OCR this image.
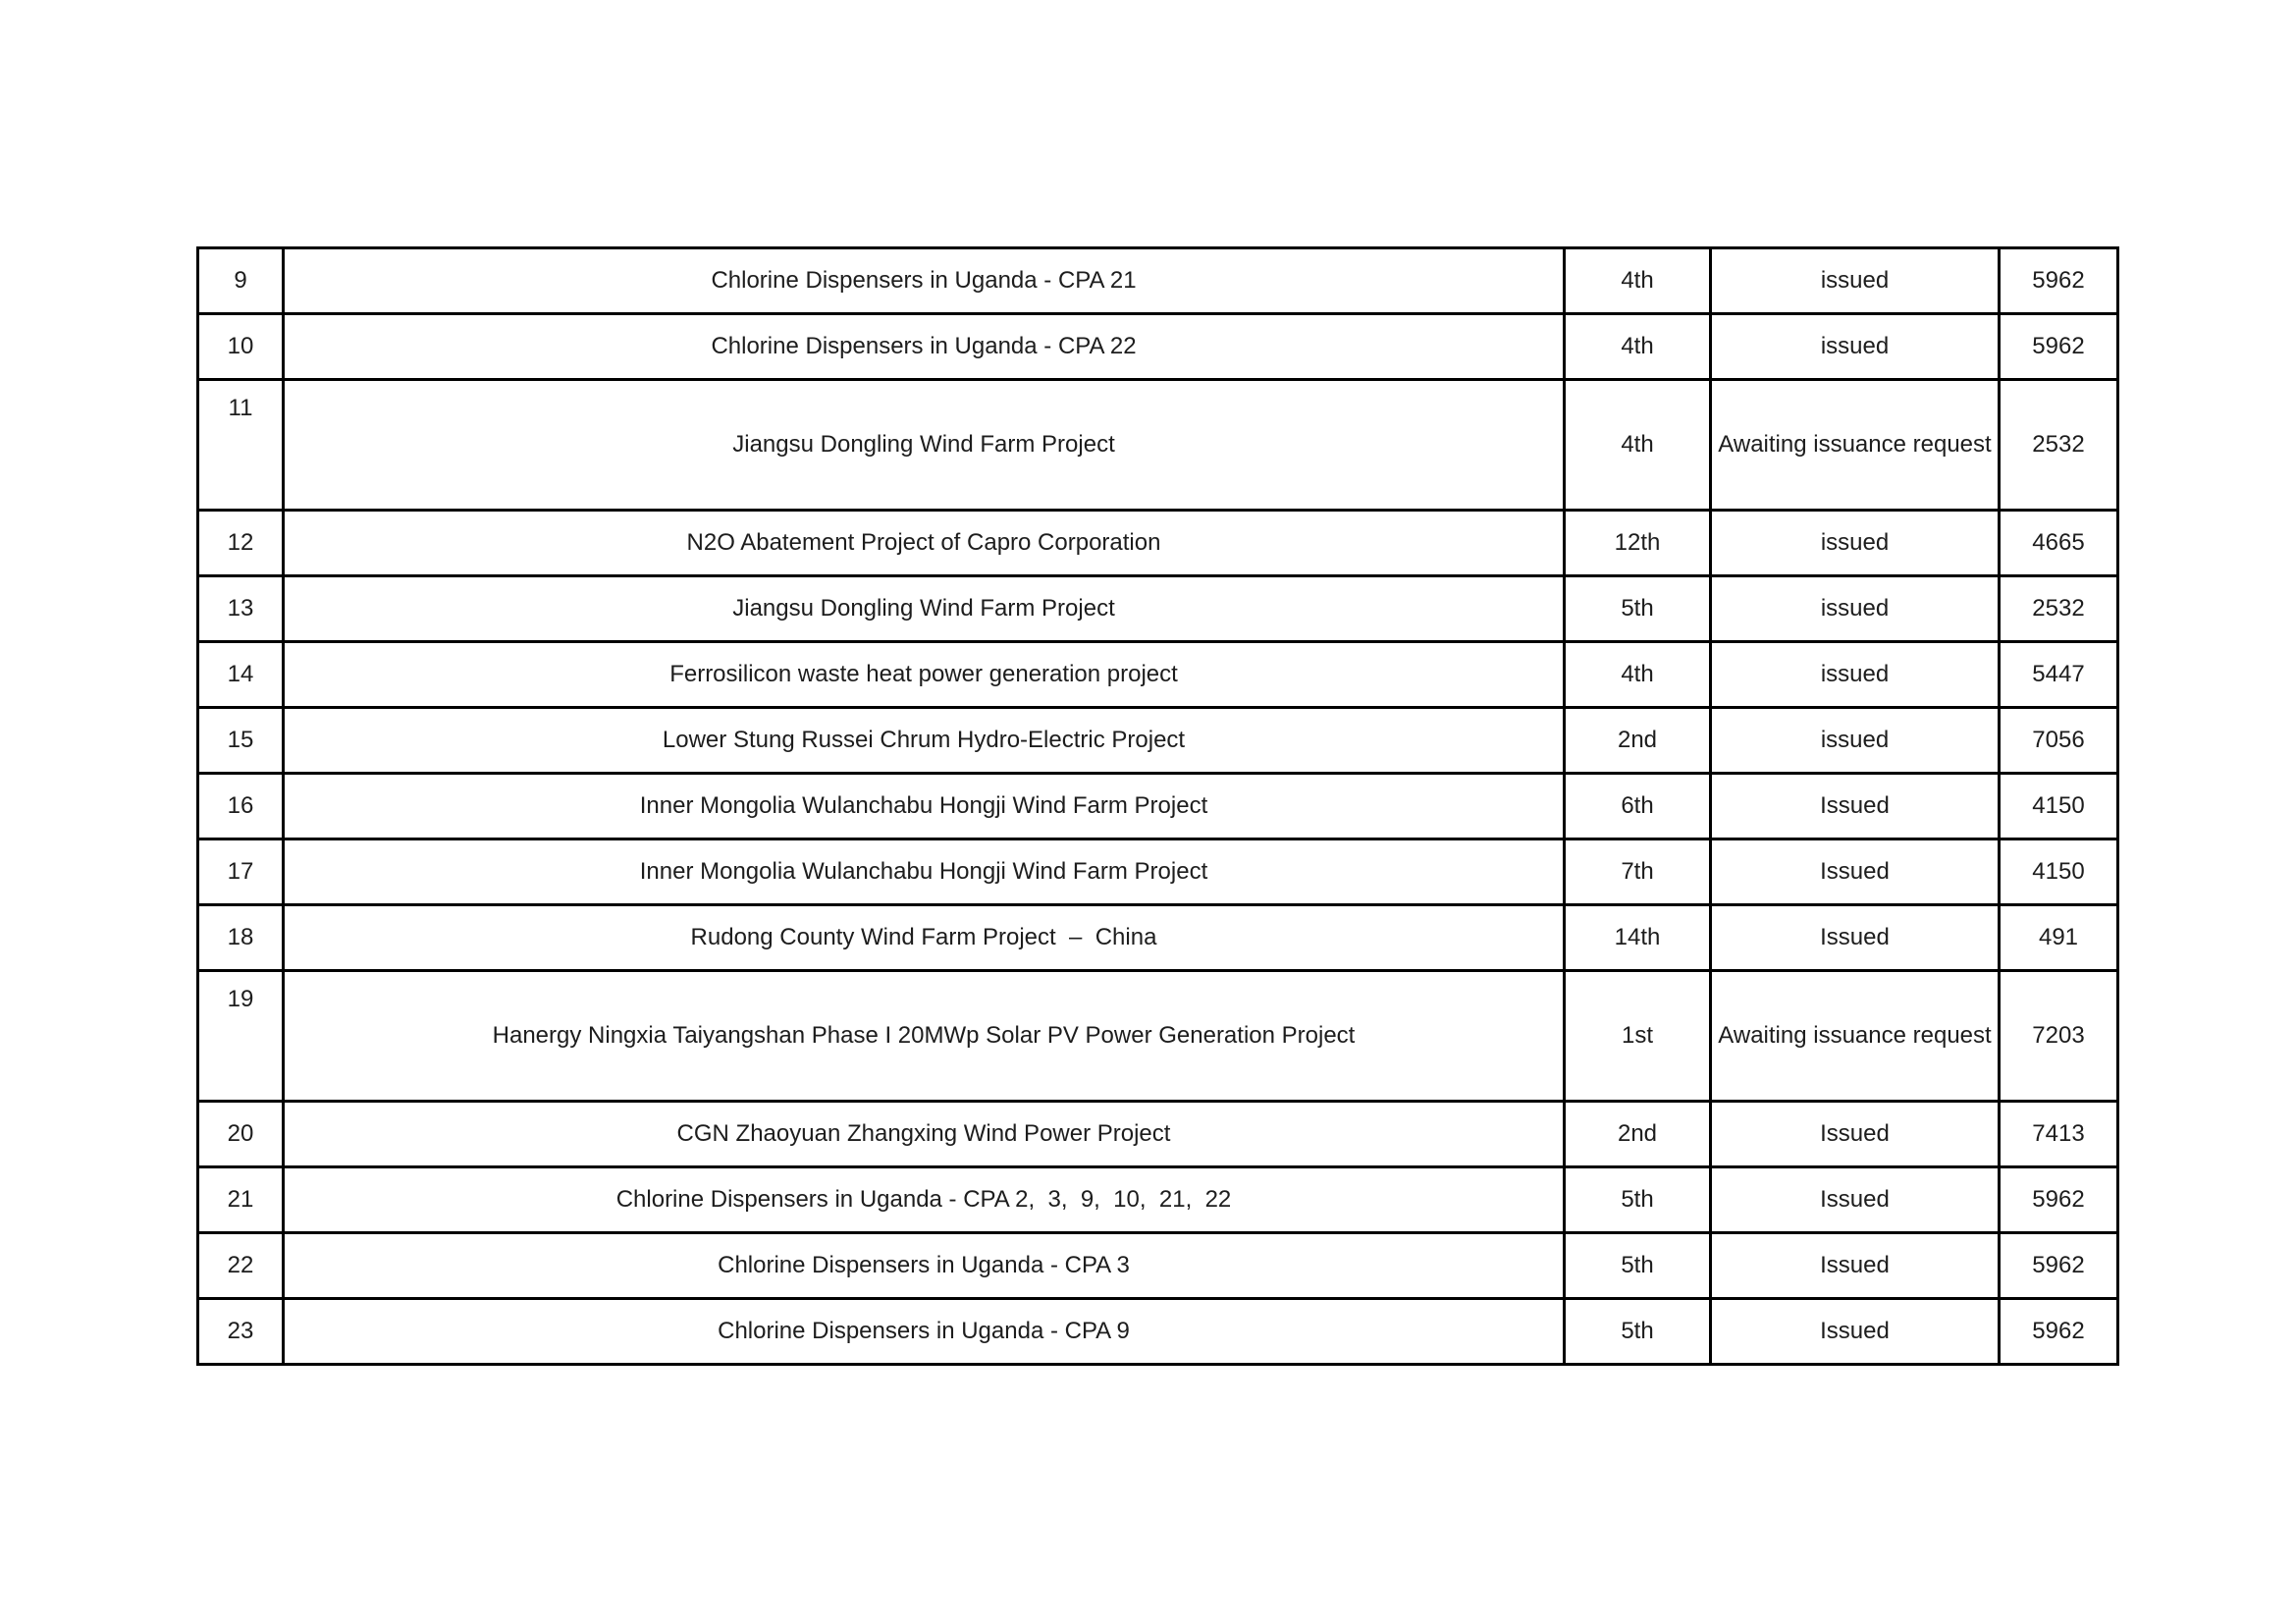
9	Chlorine Dispensers in Uganda - CPA 21	4th	issued	5962
10	Chlorine Dispensers in Uganda - CPA 22	4th	issued	5962
11	Jiangsu Dongling Wind Farm Project	4th	Awaiting issuance request	2532
12	N2O Abatement Project of Capro Corporation	12th	issued	4665
13	Jiangsu Dongling Wind Farm Project	5th	issued	2532
14	Ferrosilicon waste heat power generation project	4th	issued	5447
15	Lower Stung Russei Chrum Hydro-Electric Project	2nd	issued	7056
16	Inner Mongolia Wulanchabu Hongji Wind Farm Project	6th	Issued	4150
17	Inner Mongolia Wulanchabu Hongji Wind Farm Project	7th	Issued	4150
18	Rudong County Wind Farm Project  –  China	14th	Issued	491
19	Hanergy Ningxia Taiyangshan Phase I 20MWp Solar PV Power Generation Project	1st	Awaiting issuance request	7203
20	CGN Zhaoyuan Zhangxing Wind Power Project	2nd	Issued	7413
21	Chlorine Dispensers in Uganda - CPA 2,  3,  9,  10,  21,  22	5th	Issued	5962
22	Chlorine Dispensers in Uganda - CPA 3	5th	Issued	5962
23	Chlorine Dispensers in Uganda - CPA 9	5th	Issued	5962
